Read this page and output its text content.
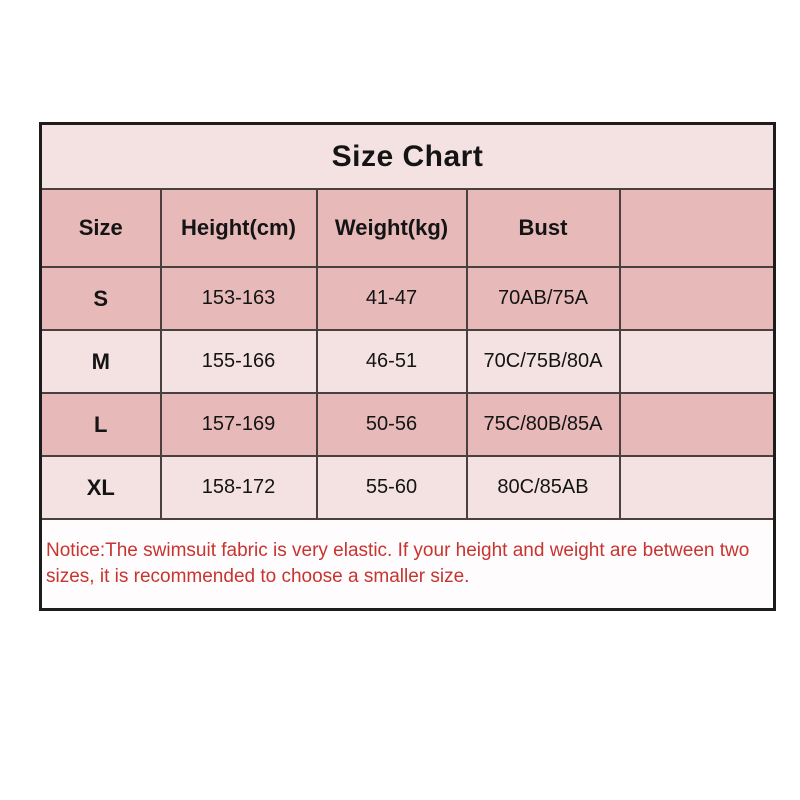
Size Chart				
Size	Height(cm)	Weight(kg)	Bust	
S	153-163	41-47	70AB/75A	
M	155-166	46-51	70C/75B/80A	
L	157-169	50-56	75C/80B/85A	
XL	158-172	55-60	80C/85AB	
Notice:The swimsuit fabric is very elastic. If your height and weight are between two sizes, it is recommended to choose a smaller size.				
